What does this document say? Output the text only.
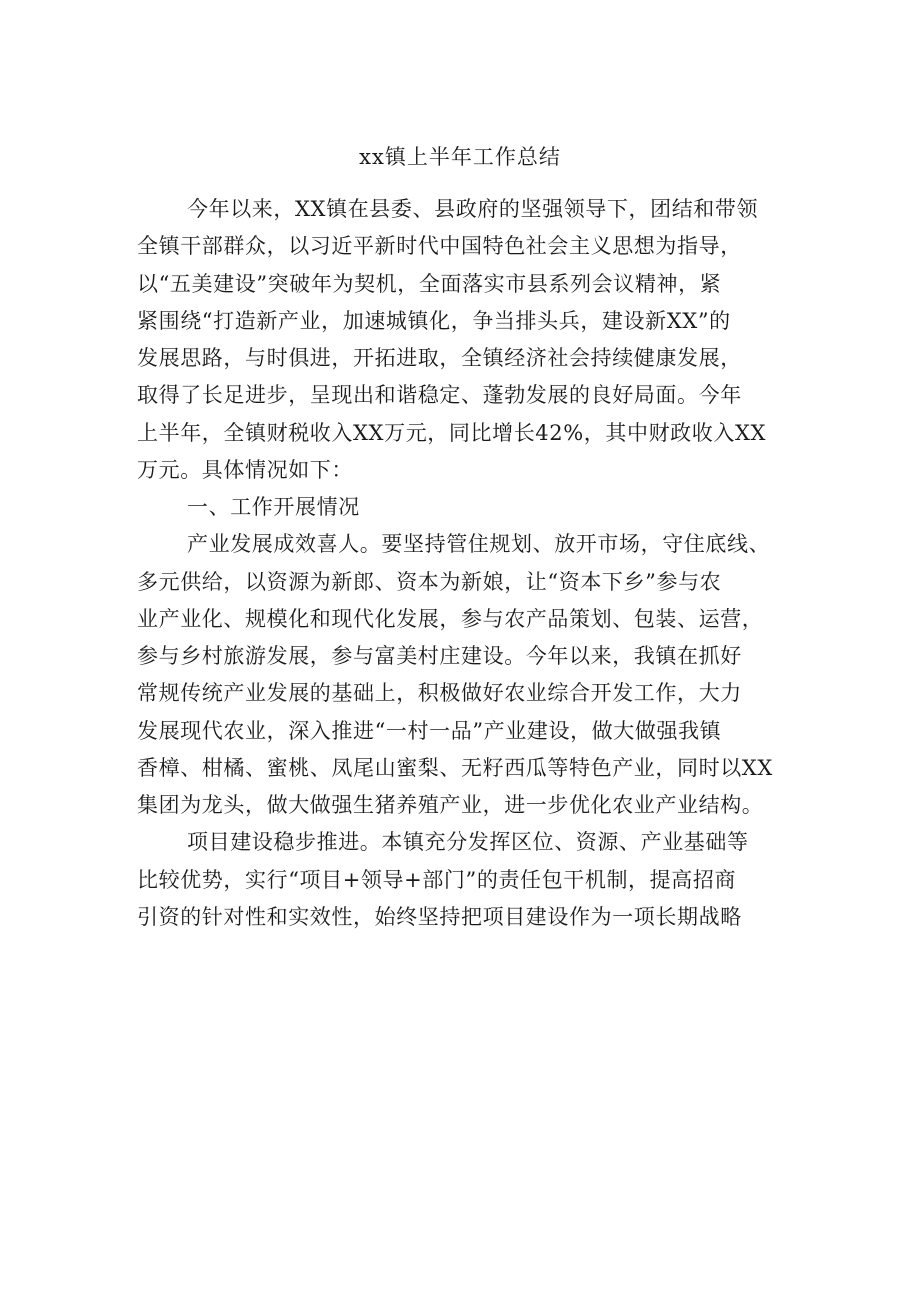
xx镇上半年工作总结

今年以来，XX镇在县委、县政府的坚强领导下，团结和带领
全镇干部群众，以习近平新时代中国特色社会主义思想为指导，
以“五美建设”突破年为契机，全面落实市县系列会议精神，紧
紧围绕“打造新产业，加速城镇化，争当排头兵，建设新XX”的
发展思路，与时俱进，开拓进取，全镇经济社会持续健康发展，
取得了长足进步，呈现出和谐稳定、蓬勃发展的良好局面。今年
上半年，全镇财税收入XX万元，同比增长42%，其中财政收入XX
万元。具体情况如下：

一、工作开展情况

产业发展成效喜人。要坚持管住规划、放开市场，守住底线、
多元供给，以资源为新郎、资本为新娘，让“资本下乡”参与农
业产业化、规模化和现代化发展，参与农产品策划、包装、运营，
参与乡村旅游发展，参与富美村庄建设。今年以来，我镇在抓好
常规传统产业发展的基础上，积极做好农业综合开发工作，大力
发展现代农业，深入推进“一村一品”产业建设，做大做强我镇
香樟、柑橘、蜜桃、凤尾山蜜梨、无籽西瓜等特色产业，同时以XX
集团为龙头，做大做强生猪养殖产业，进一步优化农业产业结构。

项目建设稳步推进。本镇充分发挥区位、资源、产业基础等
比较优势，实行“项目+领导+部门”的责任包干机制，提高招商
引资的针对性和实效性，始终坚持把项目建设作为一项长期战略
